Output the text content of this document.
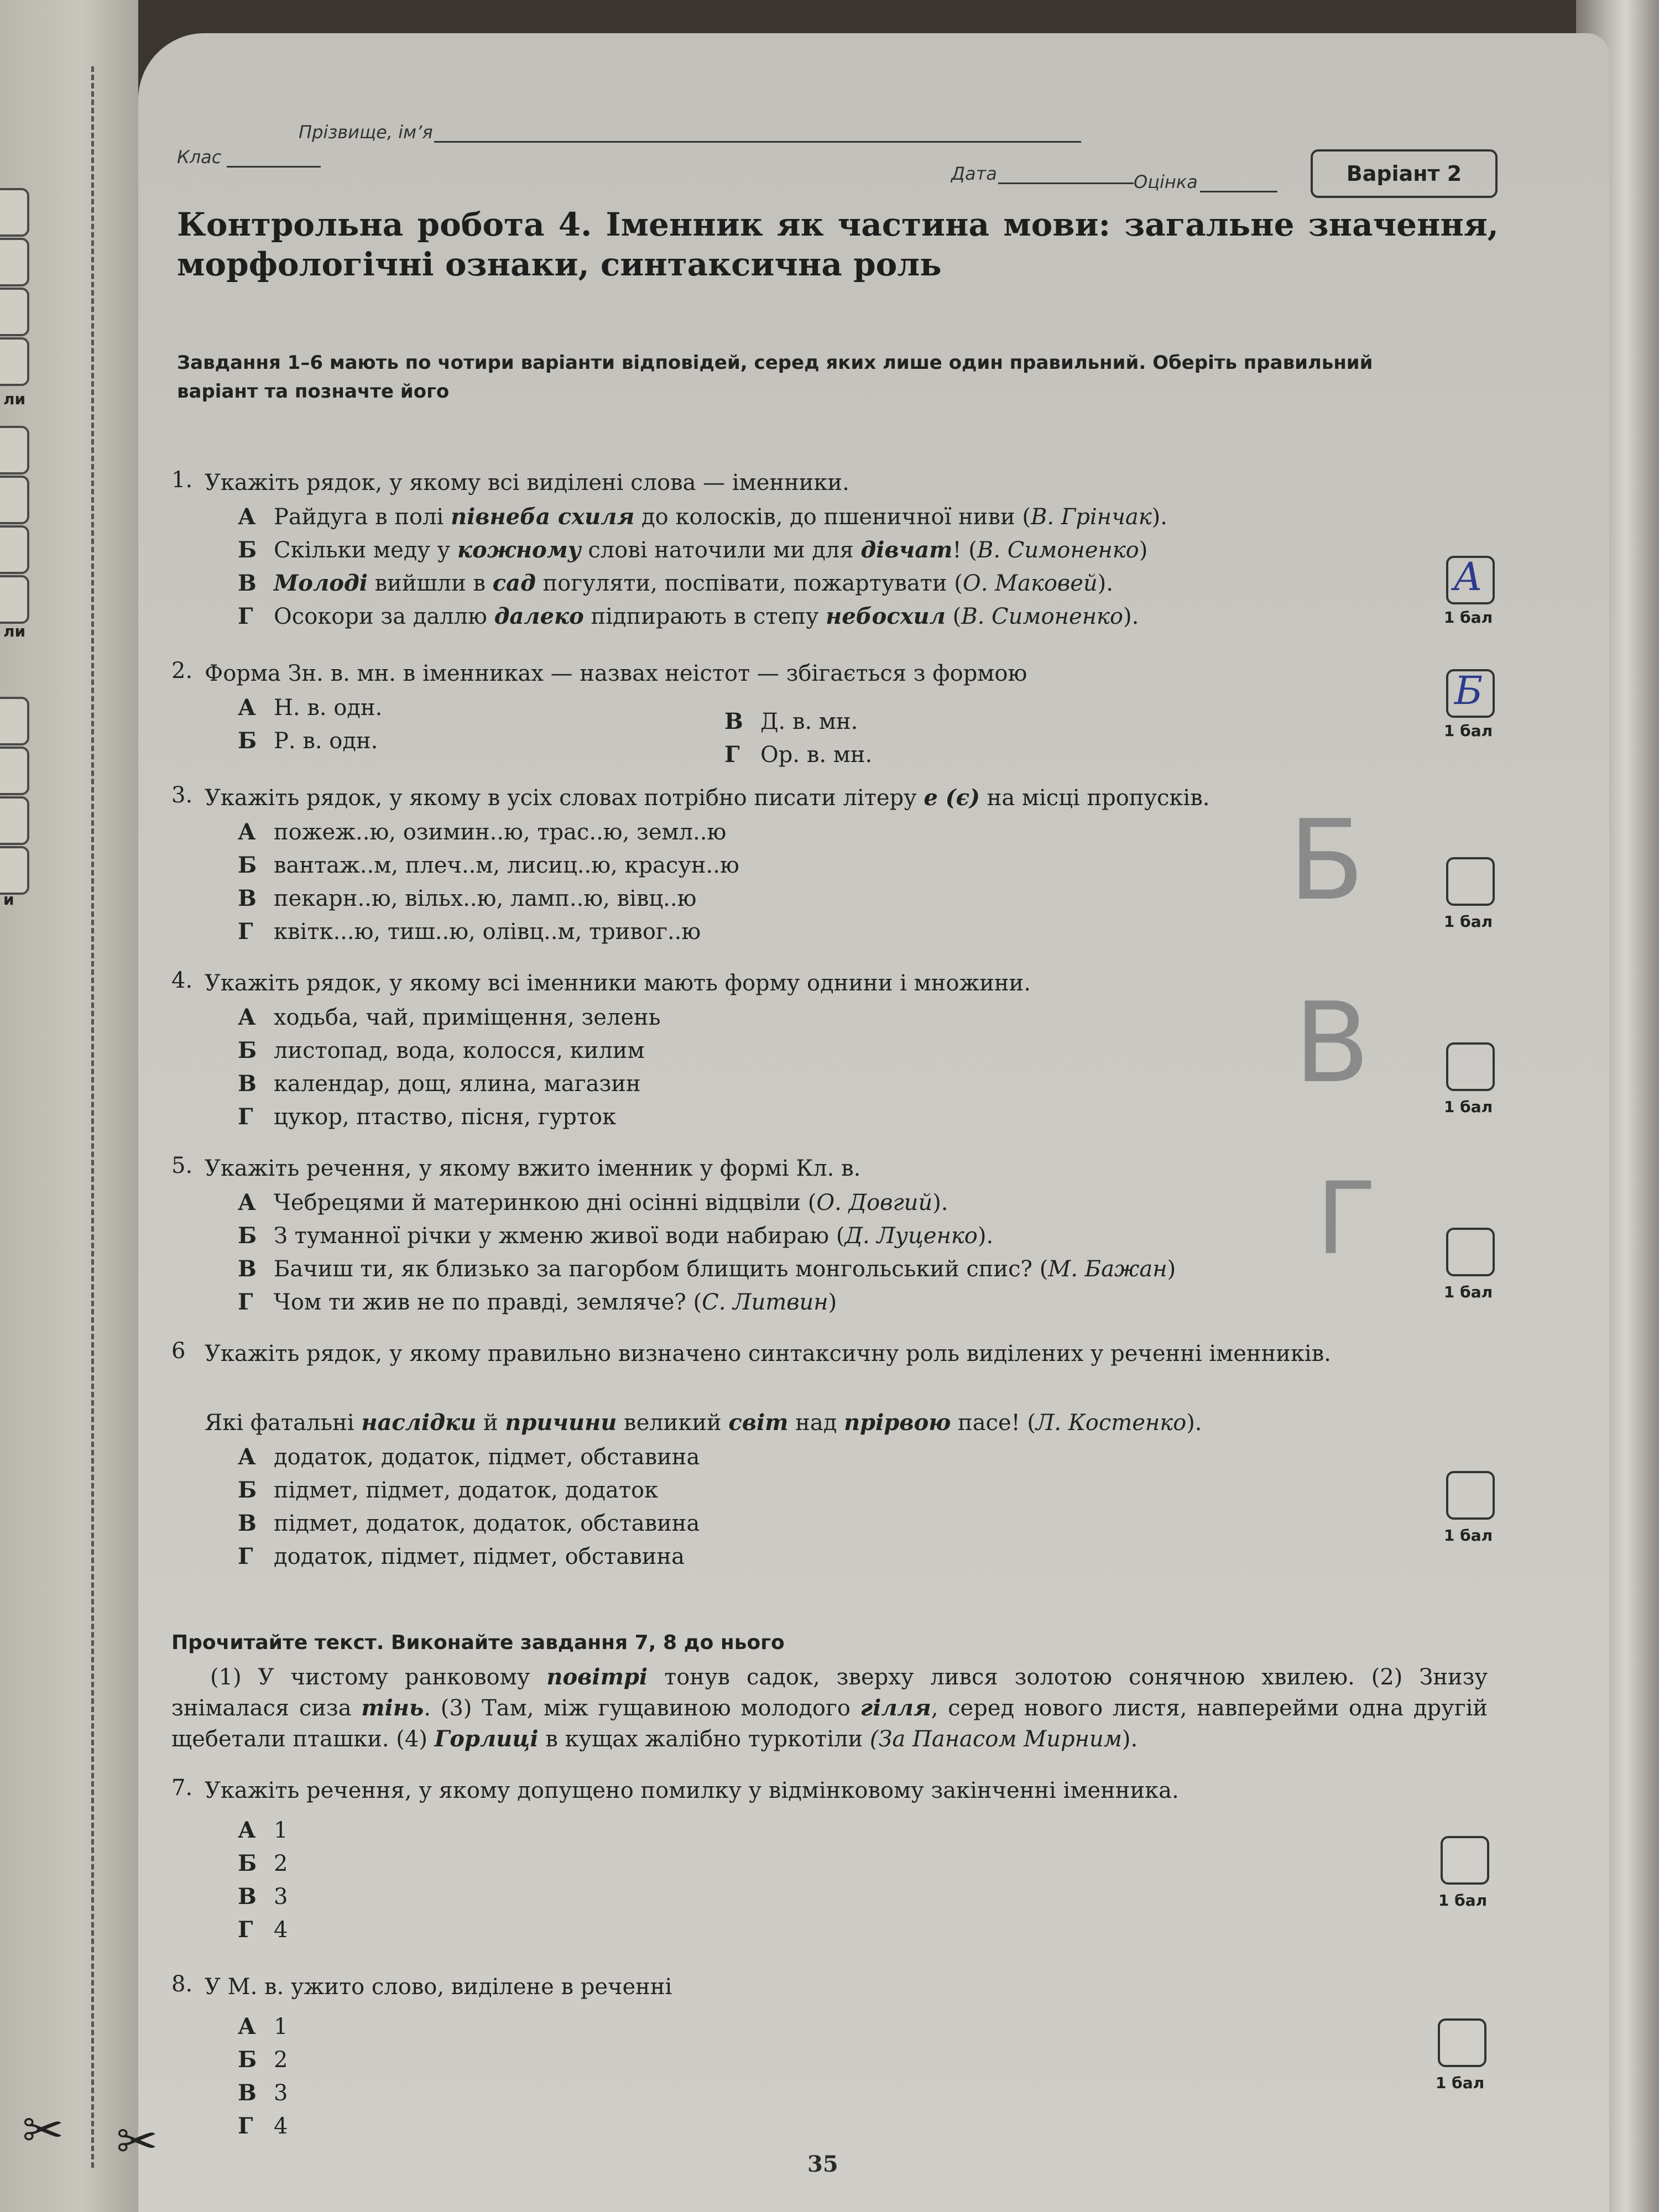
ли
ли
и
✂ ✂
Клас
Прізвище, ім’я
Дата	Оцінка	Варіант 2
Контрольна робота 4. Іменник як частина мови: загальне значення, морфологічні ознаки, синтаксична роль
Завдання 1–6 мають по чотири варіанти відповідей, серед яких лише один правильний. Оберіть правильний варіант та позначте його
1. Укажіть рядок, у якому всі виділені слова — іменники.
А Райдуга в полі півнеба схиля до колосків, до пшеничної ниви (В. Грінчак).
Б Скільки меду у кожному слові наточили ми для дівчат! (В. Симоненко)
В Молоді вийшли в сад погуляти, поспівати, пожартувати (О. Маковей).
Г Осокори за даллю далеко підпирають в степу небосхил (В. Симоненко).
А
1 бал
2. Форма Зн. в. мн. в іменниках — назвах неістот — збігається з формою
А Н. в. одн.
Б Р. в. одн.
В Д. в. мн.
Г Ор. в. мн.
Б
1 бал
3. Укажіть рядок, у якому в усіх словах потрібно писати літеру е (є) на місці пропусків.
А пожеж..ю, озимин..ю, трас..ю, земл..ю
Б вантаж..м, плеч..м, лисиц..ю, красун..ю
В пекарн..ю, вільх..ю, ламп..ю, вівц..ю
Г квітк...ю, тиш..ю, олівц..м, тривог..ю
Б	1 бал
4. Укажіть рядок, у якому всі іменники мають форму однини і множини.
А ходьба, чай, приміщення, зелень
Б листопад, вода, колосся, килим
В календар, дощ, ялина, магазин
Г цукор, птаство, пісня, гурток
В	1 бал
5. Укажіть речення, у якому вжито іменник у формі Кл. в.
А Чебрецями й материнкою дні осінні відцвіли (О. Довгий).
Б З туманної річки у жменю живої води набираю (Д. Луценко).
В Бачиш ти, як близько за пагорбом блищить монгольський спис? (М. Бажан)
Г Чом ти жив не по правді, земляче? (С. Литвин)
Г
1 бал
6 Укажіть рядок, у якому правильно визначено синтаксичну роль виділених у реченні іменників.
Які фатальні наслідки й причини великий світ над прірвою пасе! (Л. Костенко).
А додаток, додаток, підмет, обставина
Б підмет, підмет, додаток, додаток
В підмет, додаток, додаток, обставина
Г додаток, підмет, підмет, обставина
1 бал
Прочитайте текст. Виконайте завдання 7, 8 до нього
(1) У чистому ранковому повітрі тонув садок, зверху лився золотою сонячною хвилею. (2) Знизу знімалася сиза тінь. (3) Там, між гущавиною молодого гілля, серед нового листя, навперейми одна другій щебетали пташки. (4) Горлиці в кущах жалібно туркотіли (За Панасом Мирним).
7. Укажіть речення, у якому допущено помилку у відмінковому закінченні іменника.
А 1
Б 2
В 3
Г 4
1 бал
8. У М. в. ужито слово, виділене в реченні
А 1
Б 2
В 3
Г 4
1 бал
35
